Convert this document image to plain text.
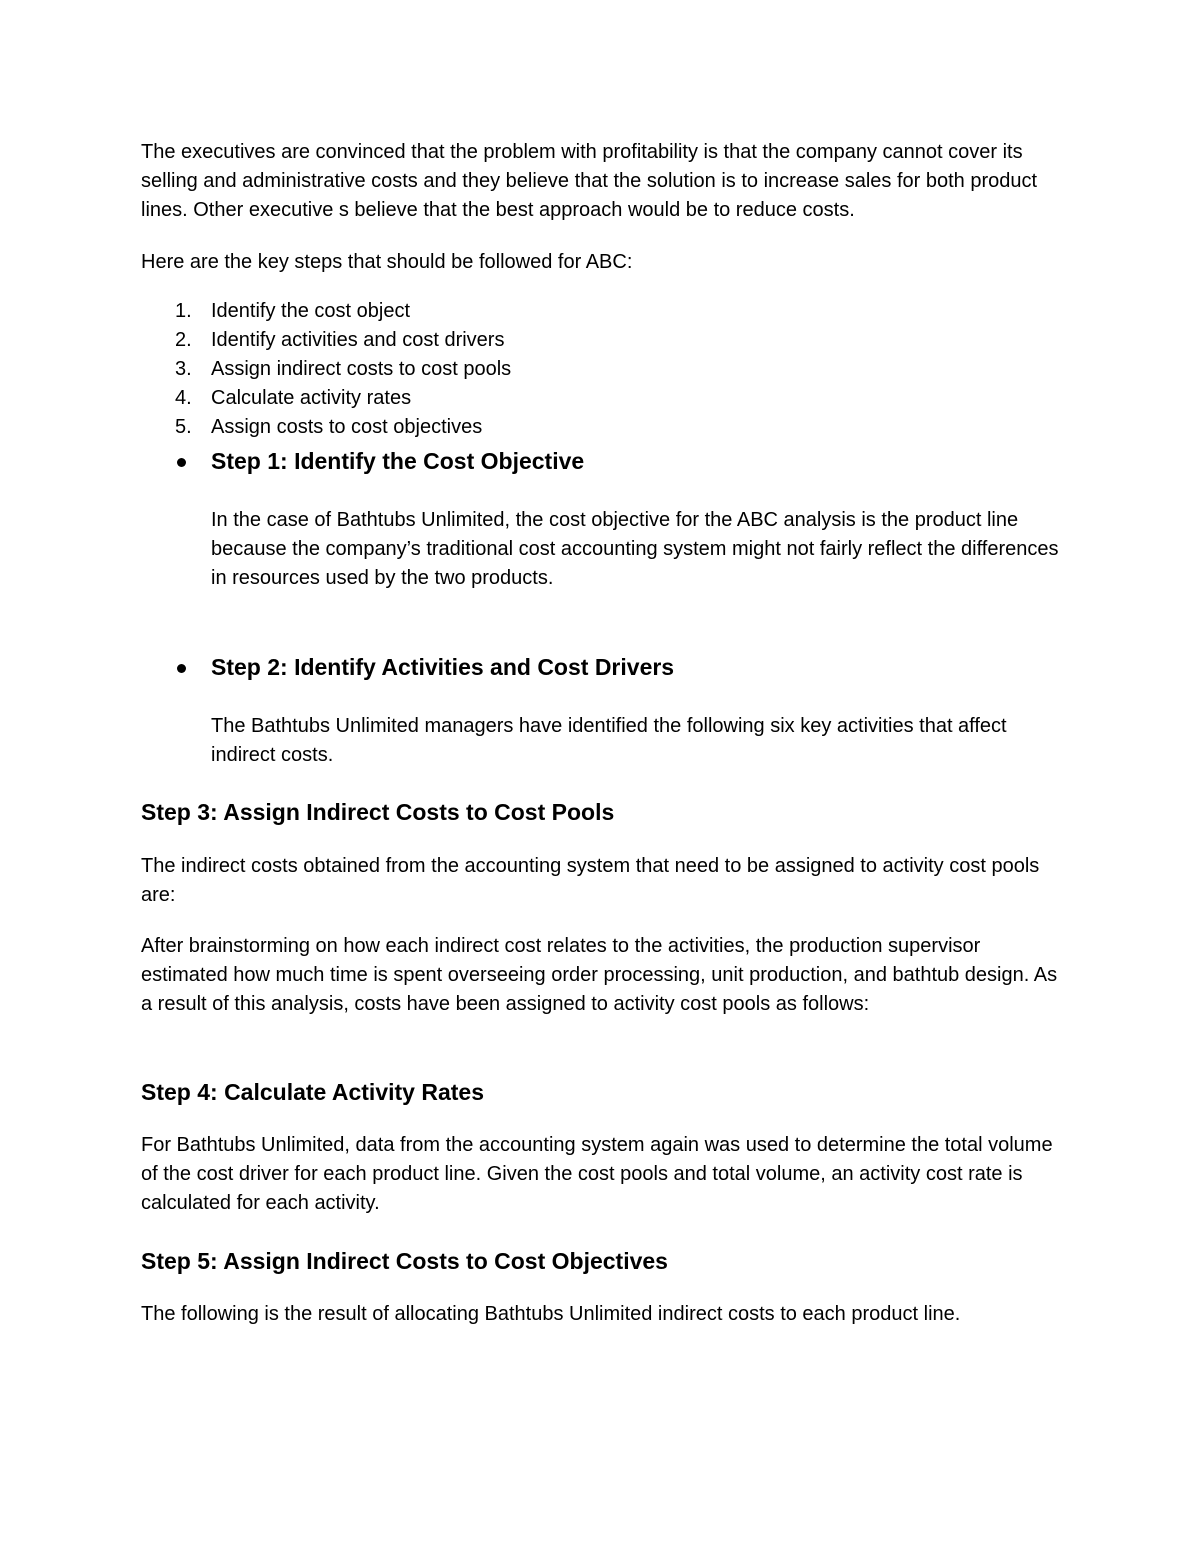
The executives are convinced that the problem with profitability is that the company cannot cover its selling and administrative costs and they believe that the solution is to increase sales for both product lines. Other executive s believe that the best approach would be to reduce costs.

Here are the key steps that should be followed for ABC:

1. Identify the cost object
2. Identify activities and cost drivers
3. Assign indirect costs to cost pools
4. Calculate activity rates
5. Assign costs to cost objectives
Step 1: Identify the Cost Objective

In the case of Bathtubs Unlimited, the cost objective for the ABC analysis is the product line because the company’s traditional cost accounting system might not fairly reflect the differences in resources used by the two products.

Step 2: Identify Activities and Cost Drivers

The Bathtubs Unlimited managers have identified the following six key activities that affect indirect costs.

Step 3: Assign Indirect Costs to Cost Pools

The indirect costs obtained from the accounting system that need to be assigned to activity cost pools are:

After brainstorming on how each indirect cost relates to the activities, the production supervisor estimated how much time is spent overseeing order processing, unit production, and bathtub design. As a result of this analysis, costs have been assigned to activity cost pools as follows:

Step 4: Calculate Activity Rates

For Bathtubs Unlimited, data from the accounting system again was used to determine the total volume of the cost driver for each product line. Given the cost pools and total volume, an activity cost rate is calculated for each activity.

Step 5: Assign Indirect Costs to Cost Objectives

The following is the result of allocating Bathtubs Unlimited indirect costs to each product line.
